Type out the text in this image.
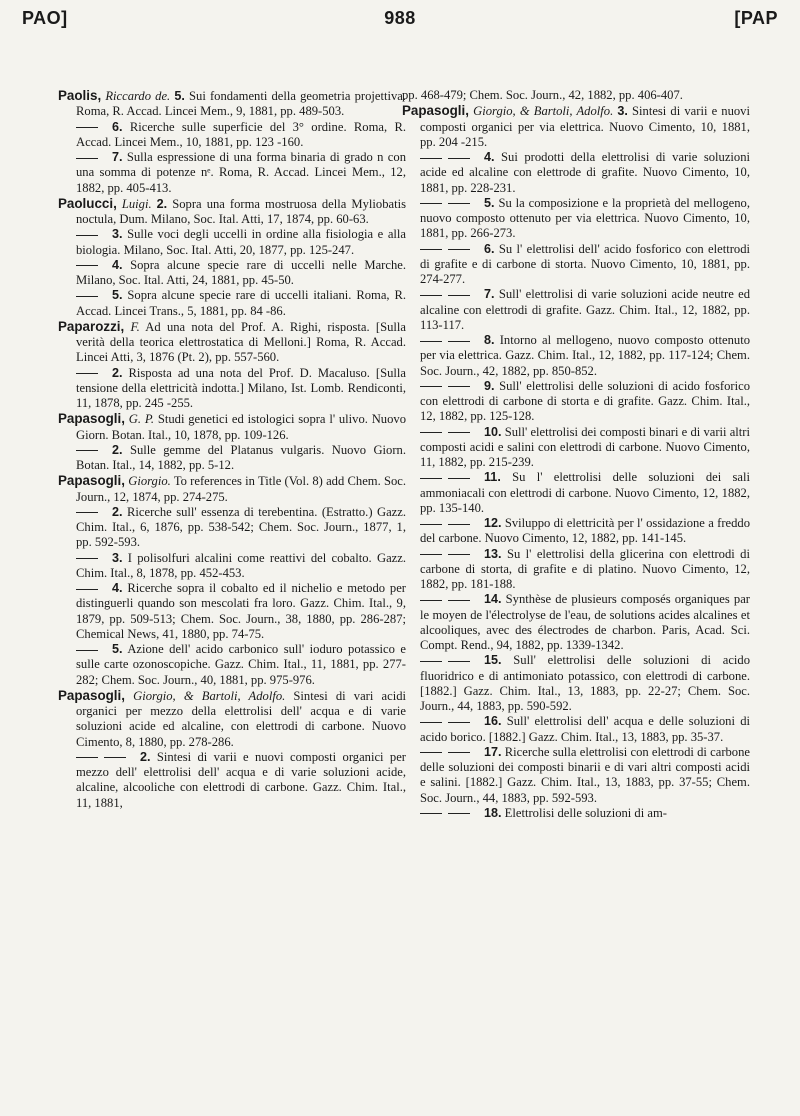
PAO]	988	[PAP

Paolis, Riccardo de. 5. Sui fondamenti della geometria projettiva. Roma, R. Accad. Lincei Mem., 9, 1881, pp. 489-503.

6. Ricerche sulle superficie del 3° ordine. Roma, R. Accad. Lincei Mem., 10, 1881, pp. 123 -160.

7. Sulla espressione di una forma binaria di grado n con una somma di potenze nᵉ. Roma, R. Accad. Lincei Mem., 12, 1882, pp. 405-413.

Paolucci, Luigi. 2. Sopra una forma mostruosa della Myliobatis noctula, Dum. Milano, Soc. Ital. Atti, 17, 1874, pp. 60-63.

3. Sulle voci degli uccelli in ordine alla fisiologia e alla biologia. Milano, Soc. Ital. Atti, 20, 1877, pp. 125-247.

4. Sopra alcune specie rare di uccelli nelle Marche. Milano, Soc. Ital. Atti, 24, 1881, pp. 45-50.

5. Sopra alcune specie rare di uccelli italiani. Roma, R. Accad. Lincei Trans., 5, 1881, pp. 84 -86.

Paparozzi, F. Ad una nota del Prof. A. Righi, risposta. [Sulla verità della teorica elettrostatica di Melloni.] Roma, R. Accad. Lincei Atti, 3, 1876 (Pt. 2), pp. 557-560.

2. Risposta ad una nota del Prof. D. Macaluso. [Sulla tensione della elettricità indotta.] Milano, Ist. Lomb. Rendiconti, 11, 1878, pp. 245 -255.

Papasogli, G. P. Studi genetici ed istologici sopra l' ulivo. Nuovo Giorn. Botan. Ital., 10, 1878, pp. 109-126.

2. Sulle gemme del Platanus vulgaris. Nuovo Giorn. Botan. Ital., 14, 1882, pp. 5-12.

Papasogli, Giorgio. To references in Title (Vol. 8) add Chem. Soc. Journ., 12, 1874, pp. 274-275.

2. Ricerche sull' essenza di terebentina. (Estratto.) Gazz. Chim. Ital., 6, 1876, pp. 538-542; Chem. Soc. Journ., 1877, 1, pp. 592-593.

3. I polisolfuri alcalini come reattivi del cobalto. Gazz. Chim. Ital., 8, 1878, pp. 452-453.

4. Ricerche sopra il cobalto ed il nichelio e metodo per distinguerli quando son mescolati fra loro. Gazz. Chim. Ital., 9, 1879, pp. 509-513; Chem. Soc. Journ., 38, 1880, pp. 286-287; Chemical News, 41, 1880, pp. 74-75.

5. Azione dell' acido carbonico sull' ioduro potassico e sulle carte ozonoscopiche. Gazz. Chim. Ital., 11, 1881, pp. 277-282; Chem. Soc. Journ., 40, 1881, pp. 975-976.

Papasogli, Giorgio, & Bartoli, Adolfo. Sintesi di vari acidi organici per mezzo della elettrolisi dell' acqua e di varie soluzioni acide ed alcaline, con elettrodi di carbone. Nuovo Cimento, 8, 1880, pp. 278-286.

2. Sintesi di varii e nuovi composti organici per mezzo dell' elettrolisi dell' acqua e di varie soluzioni acide, alcaline, alcooliche con elettrodi di carbone. Gazz. Chim. Ital., 11, 1881,

pp. 468-479; Chem. Soc. Journ., 42, 1882, pp. 406-407.

Papasogli, Giorgio, & Bartoli, Adolfo. 3. Sintesi di varii e nuovi composti organici per via elettrica. Nuovo Cimento, 10, 1881, pp. 204 -215.

4. Sui prodotti della elettrolisi di varie soluzioni acide ed alcaline con elettrode di grafite. Nuovo Cimento, 10, 1881, pp. 228-231.

5. Su la composizione e la proprietà del mellogeno, nuovo composto ottenuto per via elettrica. Nuovo Cimento, 10, 1881, pp. 266-273.

6. Su l' elettrolisi dell' acido fosforico con elettrodi di grafite e di carbone di storta. Nuovo Cimento, 10, 1881, pp. 274-277.

7. Sull' elettrolisi di varie soluzioni acide neutre ed alcaline con elettrodi di grafite. Gazz. Chim. Ital., 12, 1882, pp. 113-117.

8. Intorno al mellogeno, nuovo composto ottenuto per via elettrica. Gazz. Chim. Ital., 12, 1882, pp. 117-124; Chem. Soc. Journ., 42, 1882, pp. 850-852.

9. Sull' elettrolisi delle soluzioni di acido fosforico con elettrodi di carbone di storta e di grafite. Gazz. Chim. Ital., 12, 1882, pp. 125-128.

10. Sull' elettrolisi dei composti binari e di varii altri composti acidi e salini con elettrodi di carbone. Nuovo Cimento, 11, 1882, pp. 215-239.

11. Su l' elettrolisi delle soluzioni dei sali ammoniacali con elettrodi di carbone. Nuovo Cimento, 12, 1882, pp. 135-140.

12. Sviluppo di elettricità per l' ossidazione a freddo del carbone. Nuovo Cimento, 12, 1882, pp. 141-145.

13. Su l' elettrolisi della glicerina con elettrodi di carbone di storta, di grafite e di platino. Nuovo Cimento, 12, 1882, pp. 181-188.

14. Synthèse de plusieurs composés organiques par le moyen de l'électrolyse de l'eau, de solutions acides alcalines et alcooliques, avec des électrodes de charbon. Paris, Acad. Sci. Compt. Rend., 94, 1882, pp. 1339-1342.

15. Sull' elettrolisi delle soluzioni di acido fluoridrico e di antimoniato potassico, con elettrodi di carbone. [1882.] Gazz. Chim. Ital., 13, 1883, pp. 22-27; Chem. Soc. Journ., 44, 1883, pp. 590-592.

16. Sull' elettrolisi dell' acqua e delle soluzioni di acido borico. [1882.] Gazz. Chim. Ital., 13, 1883, pp. 35-37.

17. Ricerche sulla elettrolisi con elettrodi di carbone delle soluzioni dei composti binarii e di vari altri composti acidi e salini. [1882.] Gazz. Chim. Ital., 13, 1883, pp. 37-55; Chem. Soc. Journ., 44, 1883, pp. 592-593.

18. Elettrolisi delle soluzioni di am-
